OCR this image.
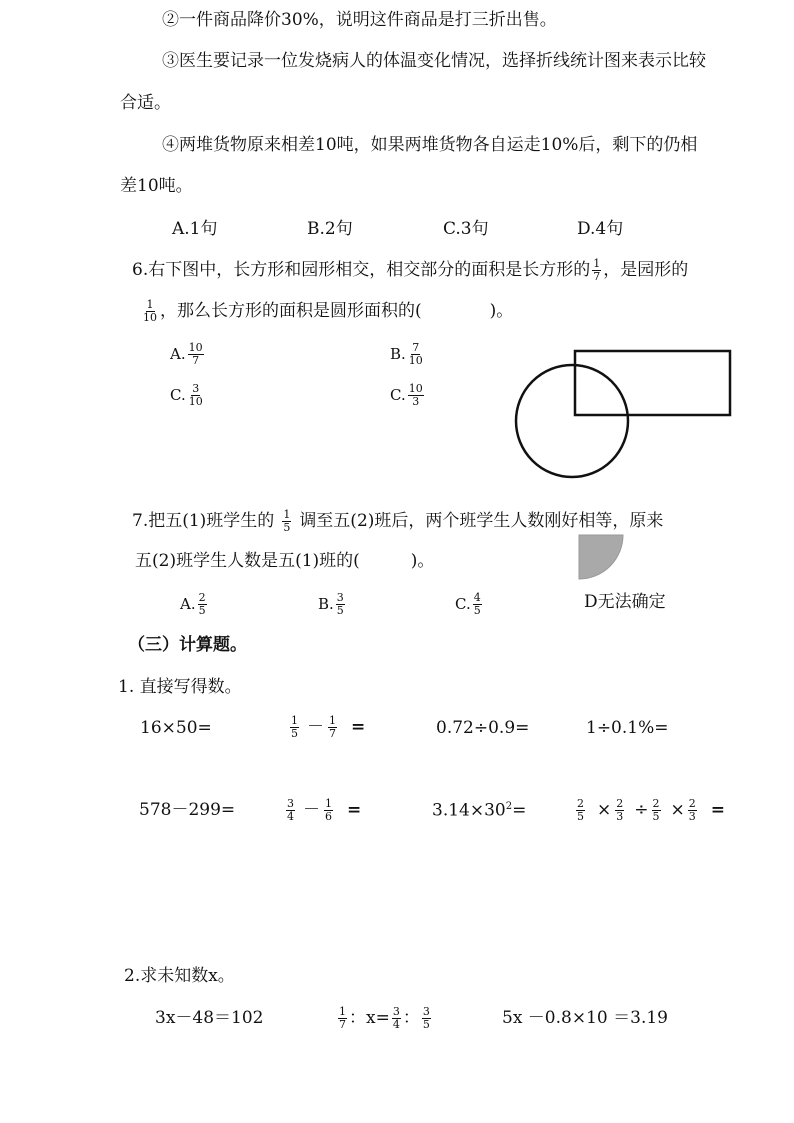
②一件商品降价30%，说明这件商品是打三折出售。
③医生要记录一位发烧病人的体温变化情况，选择折线统计图来表示比较
合适。
④两堆货物原来相差10吨，如果两堆货物各自运走10%后，剩下的仍相
差10吨。
A.1句	B.2句	C.3句	D.4句
6.右下图中，长方形和园形相交，相交部分的面积是长方形的 $\frac{1}{7}$ ，是园形的
$\frac{1}{10}$ ，那么长方形的面积是圆形面积的(　　　　)。
A. $\frac{10}{7}$	B. $\frac{7}{10}$
C. $\frac{3}{10}$	C. $\frac{10}{3}$
7.把五(1)班学生的 $\frac{1}{5}$ 调至五(2)班后，两个班学生人数刚好相等，原来
五(2)班学生人数是五(1)班的(　　　)。
A. $\frac{2}{5}$	B. $\frac{3}{5}$	C. $\frac{4}{5}$	D无法确定
（三）计算题。
1. 直接写得数。
16×50=	$\frac{1}{5} - \frac{1}{7}$ =	0.72÷0.9=	1÷0.1%=
578－299=	$\frac{3}{4} - \frac{1}{6}$ =	$3.14\times 30^2=$	$\frac{2}{5} \times \frac{2}{3} \div \frac{2}{5} \times \frac{2}{3}$ =
2.求未知数x。
3x－48＝102	$\frac{1}{7}$ ：$x= \frac{3}{4}$ ： $\frac{3}{5}$	5x －0.8×10 ＝3.19
